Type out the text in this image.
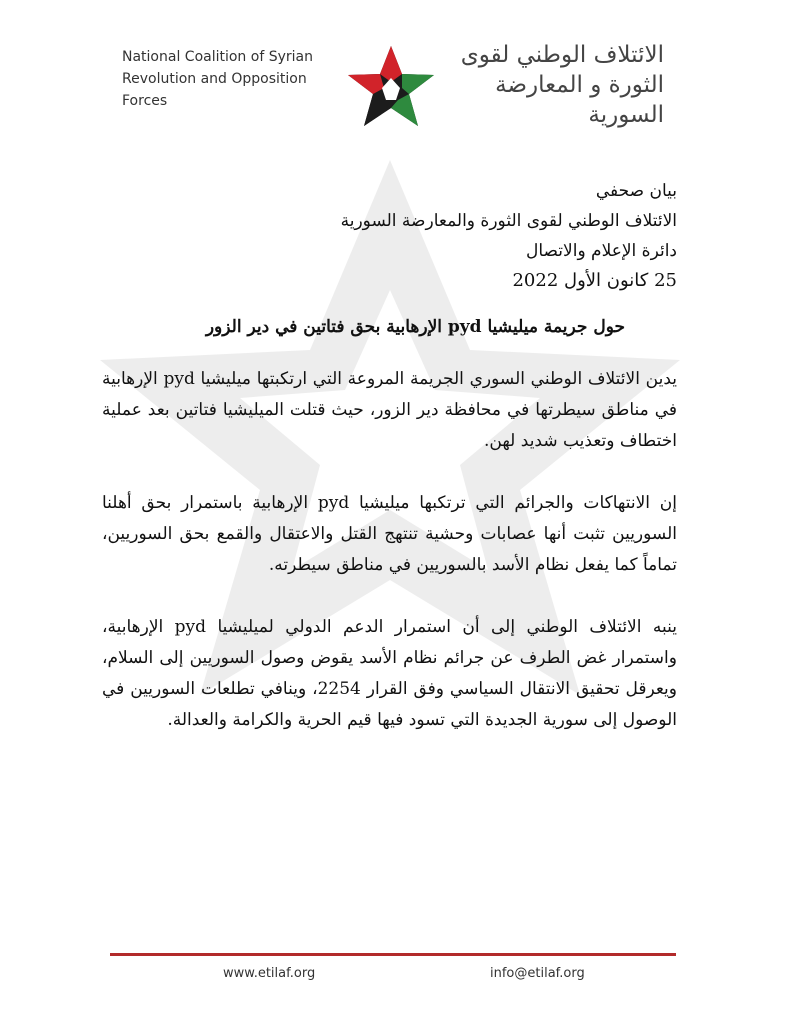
National Coalition of Syrian
Revolution and Opposition Forces
الائتلاف الوطني لقوى
الثورة و المعارضة السورية
بيان صحفي
الائتلاف الوطني لقوى الثورة والمعارضة السورية
دائرة الإعلام والاتصال
25 كانون الأول 2022
حول جريمة ميليشيا pyd الإرهابية بحق فتاتين في دير الزور
يدين الائتلاف الوطني السوري الجريمة المروعة التي ارتكبتها ميليشيا pyd الإرهابية في مناطق سيطرتها في محافظة دير الزور، حيث قتلت الميليشيا فتاتين بعد عملية اختطاف وتعذيب شديد لهن.
إن الانتهاكات والجرائم التي ترتكبها ميليشيا pyd الإرهابية باستمرار بحق أهلنا السوريين تثبت أنها عصابات وحشية تنتهج القتل والاعتقال والقمع بحق السوريين، تماماً كما يفعل نظام الأسد بالسوريين في مناطق سيطرته.
ينبه الائتلاف الوطني إلى أن استمرار الدعم الدولي لميليشيا pyd الإرهابية، واستمرار غض الطرف عن جرائم نظام الأسد يقوض وصول السوريين إلى السلام، ويعرقل تحقيق الانتقال السياسي وفق القرار 2254، وينافي تطلعات السوريين في الوصول إلى سورية الجديدة التي تسود فيها قيم الحرية والكرامة والعدالة.
www.etilaf.org	info@etilaf.org
